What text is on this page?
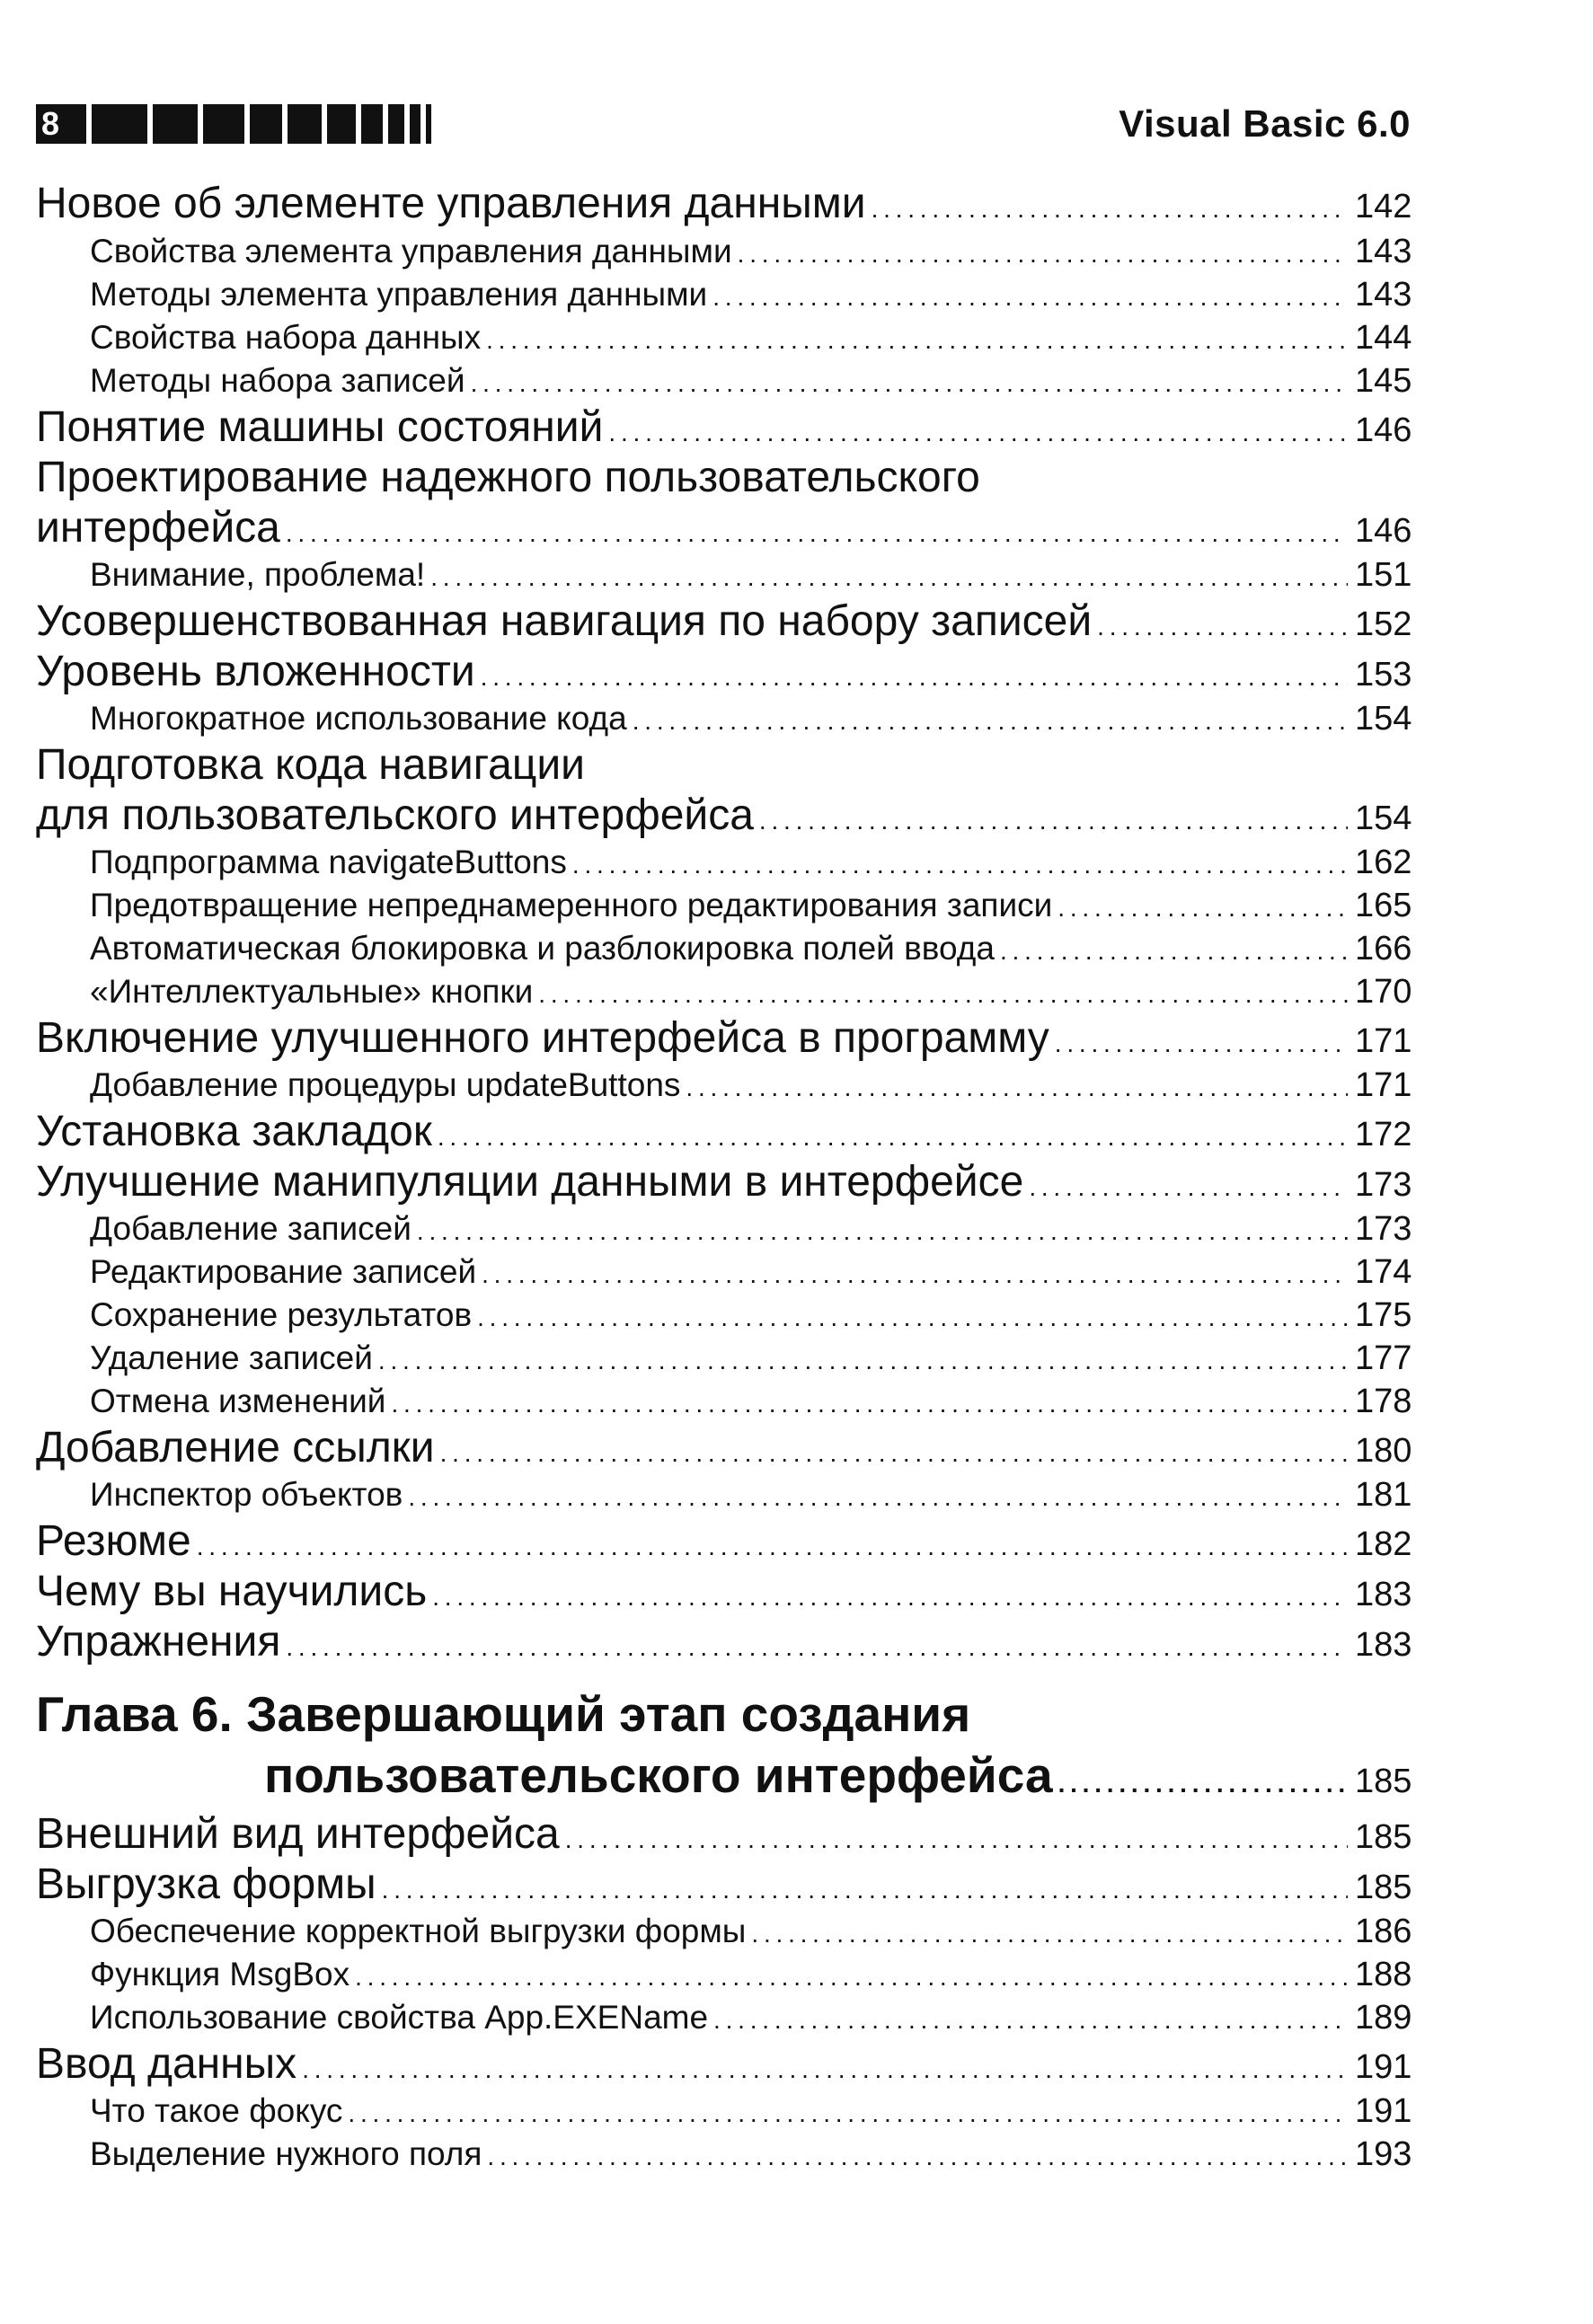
8	Visual Basic 6.0
Новое об элементе управления данными . . .	142
Свойства элемента управления данными . . .	143
Методы элемента управления данными . . .	143
Свойства набора данных . . .	144
Методы набора записей . . .	145
Понятие машины состояний . . .	146
Проектирование надежного пользовательского
интерфейса . . .	146
Внимание, проблема! . . .	151
Усовершенствованная навигация по набору записей . . .	152
Уровень вложенности . . .	153
Многократное использование кода . . .	154
Подготовка кода навигации
для пользовательского интерфейса . . .	154
Подпрограмма navigateButtons . . .	162
Предотвращение непреднамеренного редактирования записи . . .	165
Автоматическая блокировка и разблокировка полей ввода . . .	166
«Интеллектуальные» кнопки . . .	170
Включение улучшенного интерфейса в программу . . .	171
Добавление процедуры updateButtons . . .	171
Установка закладок . . .	172
Улучшение манипуляции данными в интерфейсе . . .	173
Добавление записей . . .	173
Редактирование записей . . .	174
Сохранение результатов . . .	175
Удаление записей . . .	177
Отмена изменений . . .	178
Добавление ссылки . . .	180
Инспектор объектов . . .	181
Резюме . . .	182
Чему вы научились . . .	183
Упражнения . . .	183
Глава 6. Завершающий этап создания
пользовательского интерфейса . . .	185
Внешний вид интерфейса . . .	185
Выгрузка формы . . .	185
Обеспечение корректной выгрузки формы . . .	186
Функция MsgBox . . .	188
Использование свойства App.EXEName . . .	189
Ввод данных . . .	191
Что такое фокус . . .	191
Выделение нужного поля . . .	193
